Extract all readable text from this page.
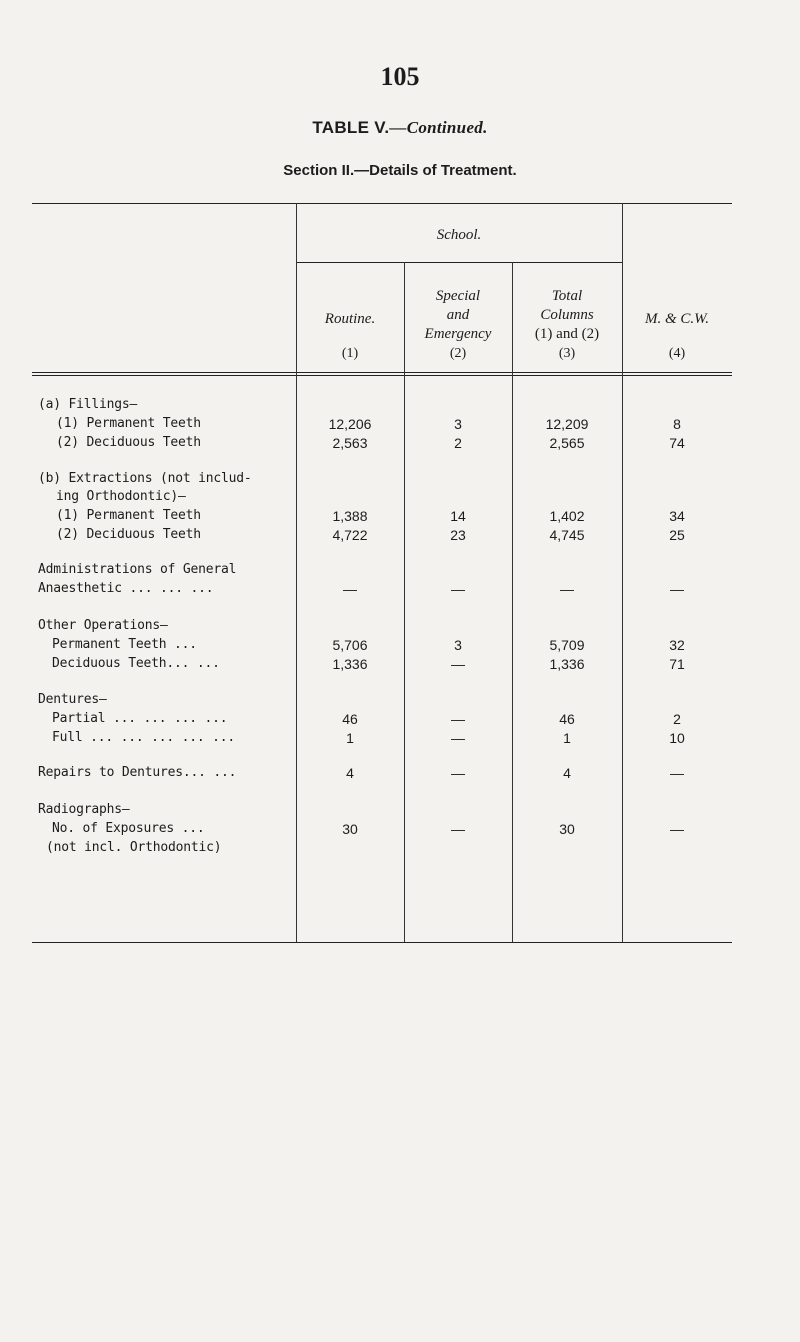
105
TABLE V.—Continued.
Section II.—Details of Treatment.
School.
Routine.
(1)
Special
and
Emergency
(2)
Total
Columns
(1) and (2)
(3)
M. & C.W.
(4)
(a) Fillings—
(1) Permanent Teeth	12,206	3	12,209	8
(2) Deciduous Teeth	2,563	2	2,565	74
(b) Extractions (not includ-
ing Orthodontic)—
(1) Permanent Teeth	1,388	14	1,402	34
(2) Deciduous Teeth	4,722	23	4,745	25
Administrations of General
Anaesthetic ... ... ...	—	—	—	—
Other Operations—
Permanent Teeth ...	5,706	3	5,709	32
Deciduous Teeth... ...	1,336	—	1,336	71
Dentures—
Partial ... ... ... ...	46	—	46	2
Full ... ... ... ... ...	1	—	1	10
Repairs to Dentures... ...	4	—	4	—
Radiographs—
No. of Exposures ...	30	—	30	—
(not incl. Orthodontic)
